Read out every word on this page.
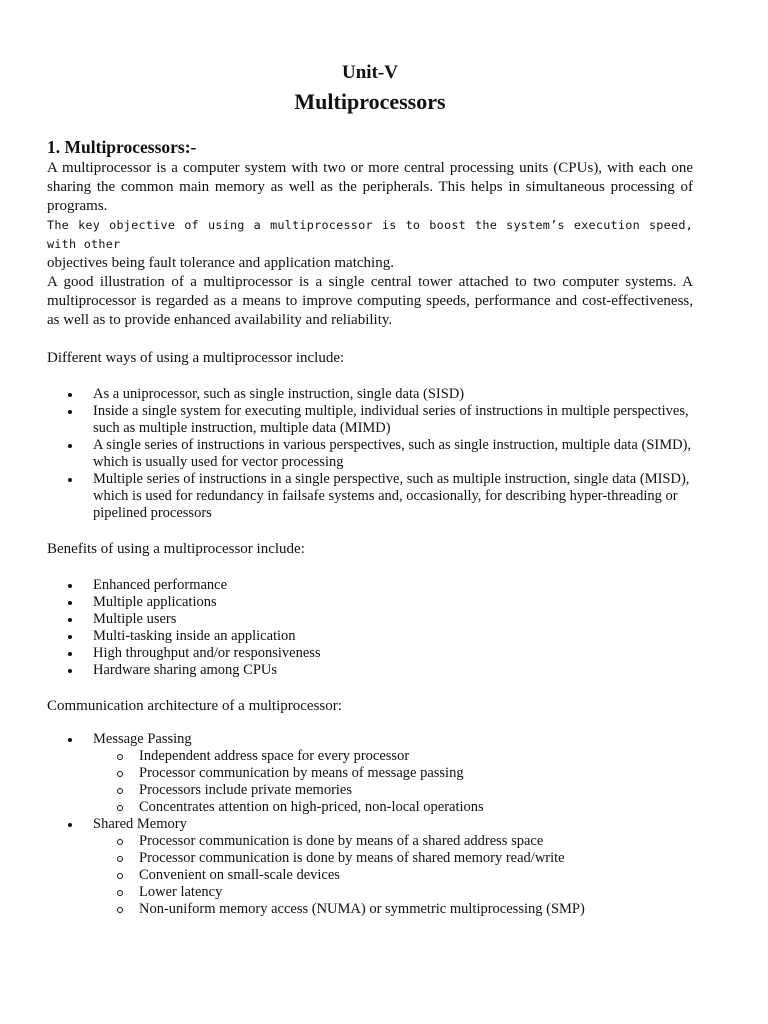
Unit-V
Multiprocessors
1. Multiprocessors:-

A multiprocessor is a computer system with two or more central processing units (CPUs), with each one sharing the common main memory as well as the peripherals. This helps in simultaneous processing of programs.

The key objective of using a multiprocessor is to boost the system’s execution speed, with other

objectives being fault tolerance and application matching.

A good illustration of a multiprocessor is a single central tower attached to two computer systems. A multiprocessor is regarded as a means to improve computing speeds, performance and cost-effectiveness, as well as to provide enhanced availability and reliability.

Different ways of using a multiprocessor include:

As a uniprocessor, such as single instruction, single data (SISD)
Inside a single system for executing multiple, individual series of instructions in multiple perspectives, such as multiple instruction, multiple data (MIMD)
A single series of instructions in various perspectives, such as single instruction, multiple data (SIMD), which is usually used for vector processing
Multiple series of instructions in a single perspective, such as multiple instruction, single data (MISD), which is used for redundancy in failsafe systems and, occasionally, for describing hyper-threading or pipelined processors

Benefits of using a multiprocessor include:

Enhanced performance
Multiple applications
Multiple users
Multi-tasking inside an application
High throughput and/or responsiveness
Hardware sharing among CPUs

Communication architecture of a multiprocessor:

Message Passing
Independent address space for every processor
Processor communication by means of message passing
Processors include private memories
Concentrates attention on high-priced, non-local operations
Shared Memory
Processor communication is done by means of a shared address space
Processor communication is done by means of shared memory read/write
Convenient on small-scale devices
Lower latency
Non-uniform memory access (NUMA) or symmetric multiprocessing (SMP)
